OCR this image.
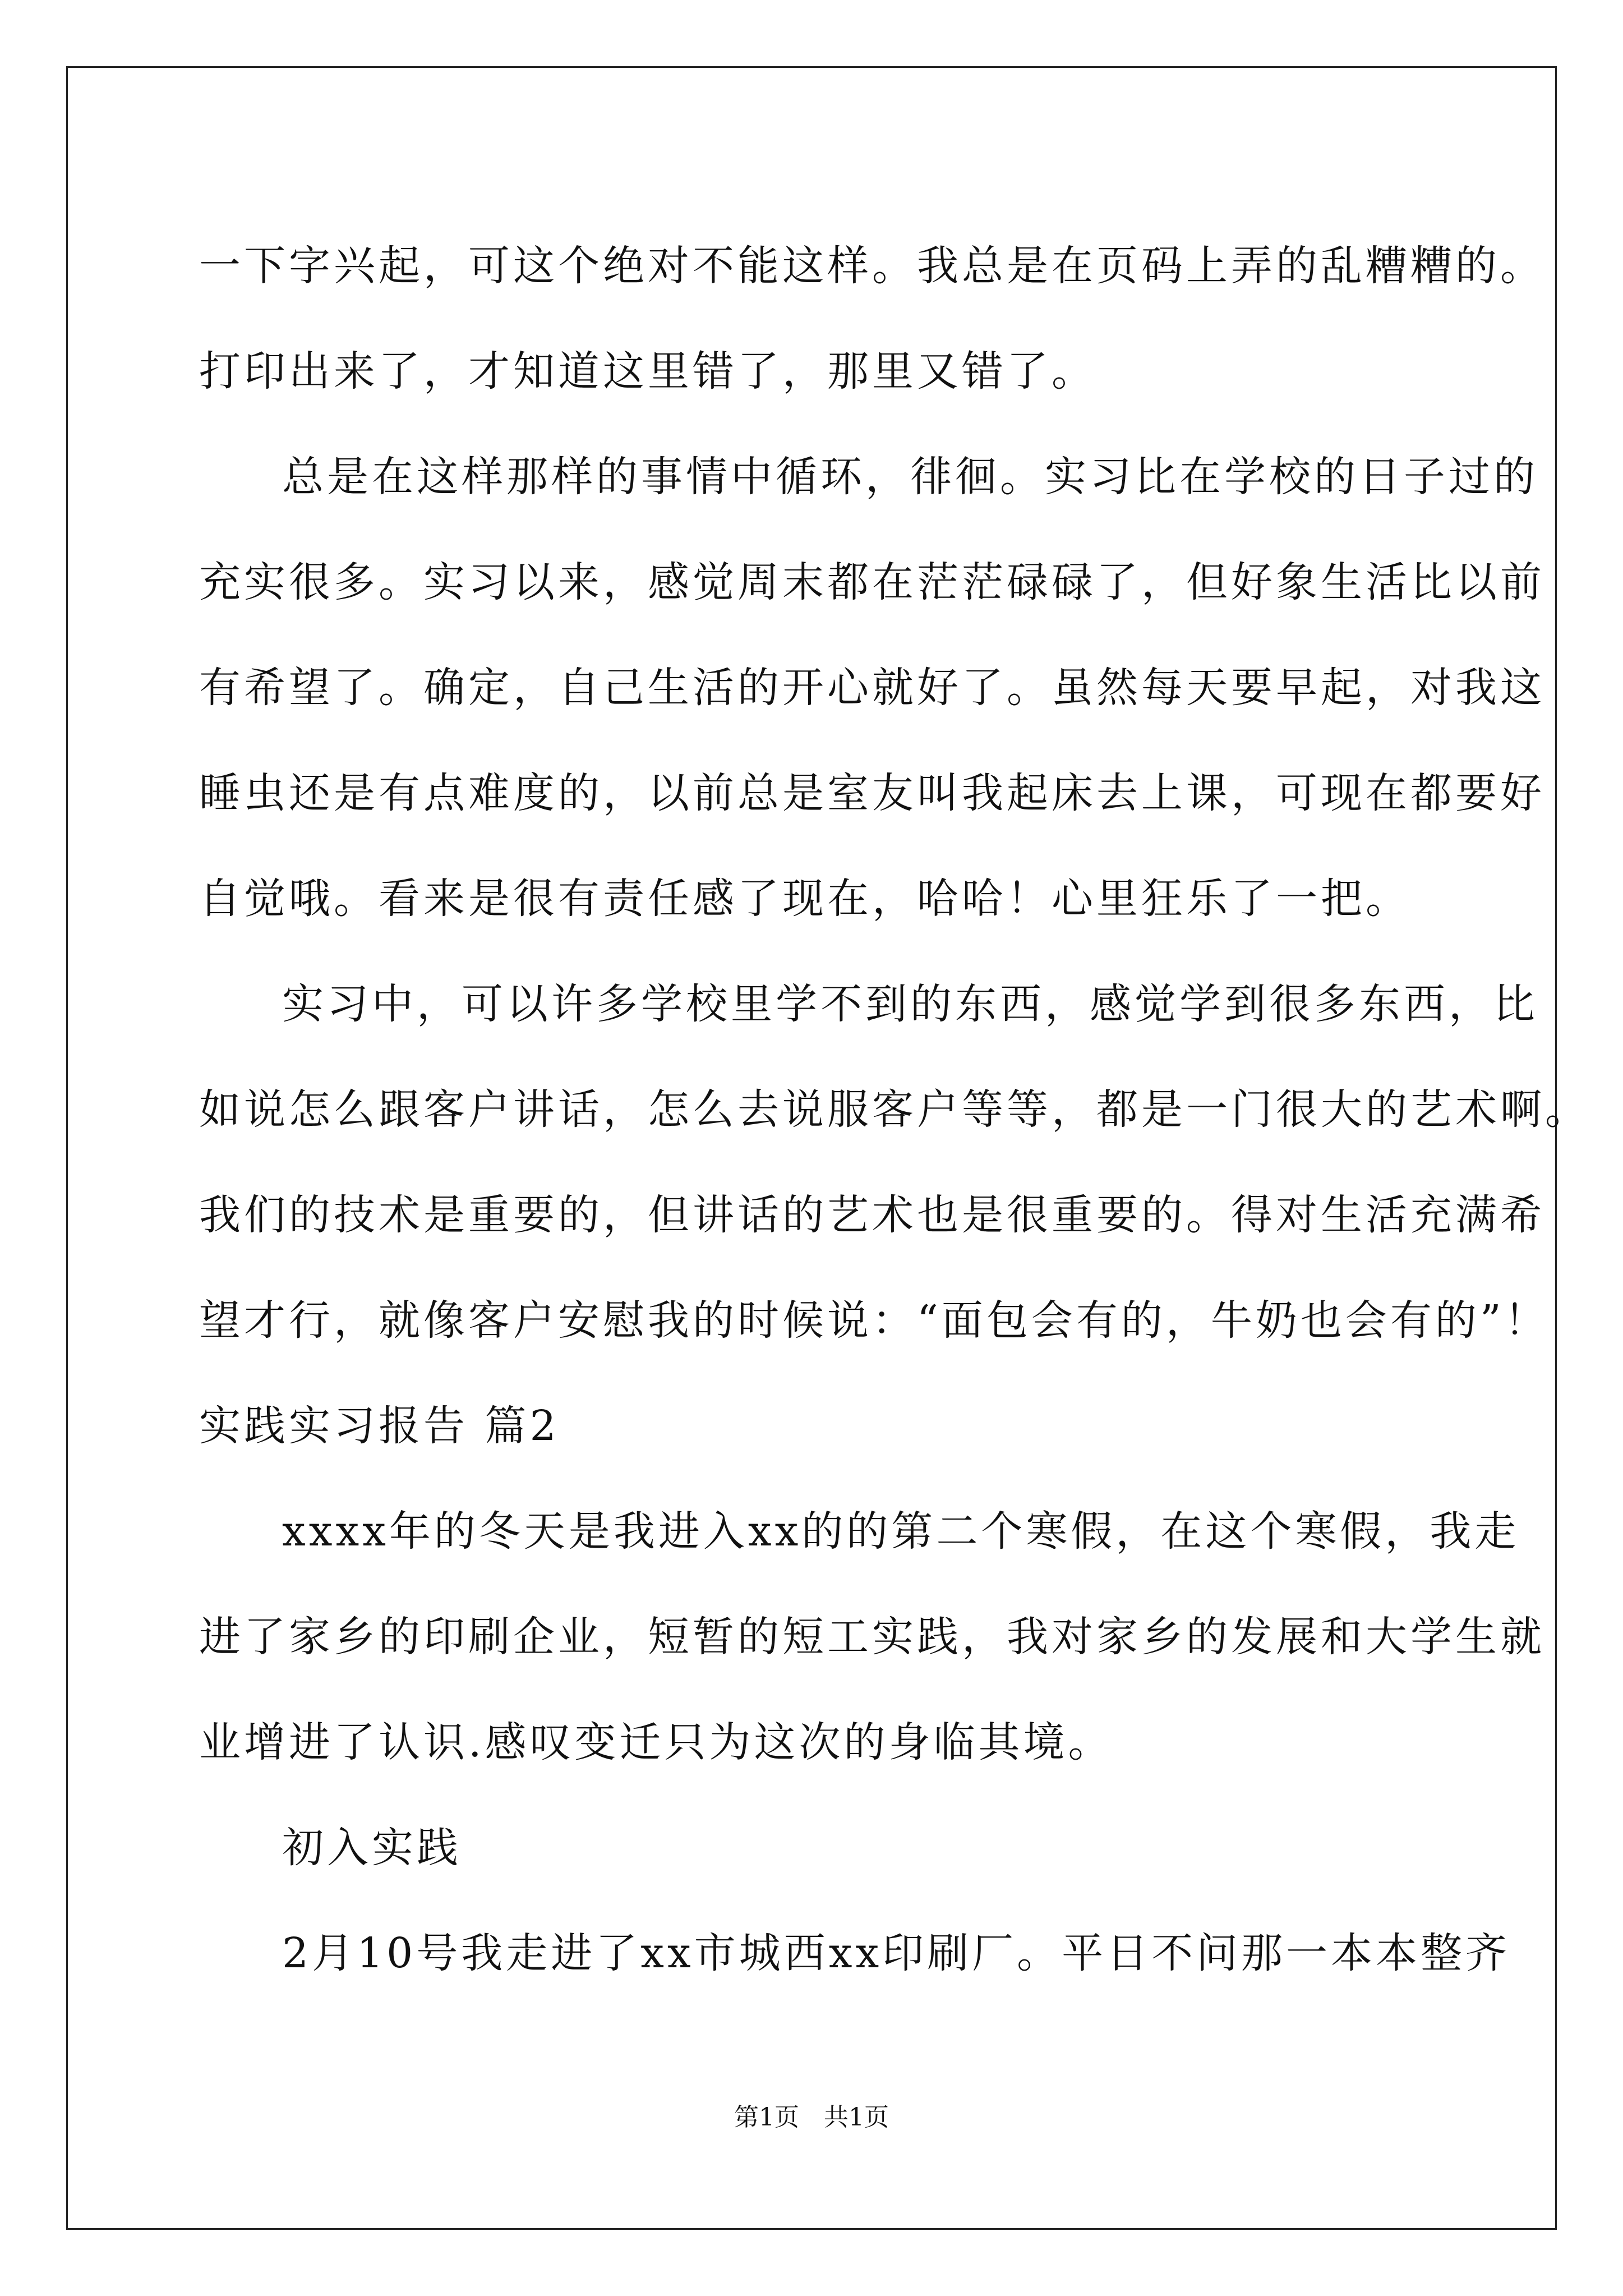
一下字兴起，可这个绝对不能这样。我总是在页码上弄的乱糟糟的。
打印出来了，才知道这里错了，那里又错了。
总是在这样那样的事情中循环，徘徊。实习比在学校的日子过的
充实很多。实习以来，感觉周末都在茫茫碌碌了，但好象生活比以前
有希望了。确定，自己生活的开心就好了。虽然每天要早起，对我这
睡虫还是有点难度的，以前总是室友叫我起床去上课，可现在都要好
自觉哦。看来是很有责任感了现在，哈哈！心里狂乐了一把。
实习中，可以许多学校里学不到的东西，感觉学到很多东西，比
如说怎么跟客户讲话，怎么去说服客户等等，都是一门很大的艺术啊。
我们的技术是重要的，但讲话的艺术也是很重要的。得对生活充满希
望才行，就像客户安慰我的时候说：“面包会有的，牛奶也会有的”！
实践实习报告 篇2
xxxx年的冬天是我进入xx的的第二个寒假，在这个寒假，我走
进了家乡的印刷企业，短暂的短工实践，我对家乡的发展和大学生就
业增进了认识.感叹变迁只为这次的身临其境。
初入实践
2月10号我走进了xx市城西xx印刷厂。平日不问那一本本整齐
第1页　共1页
